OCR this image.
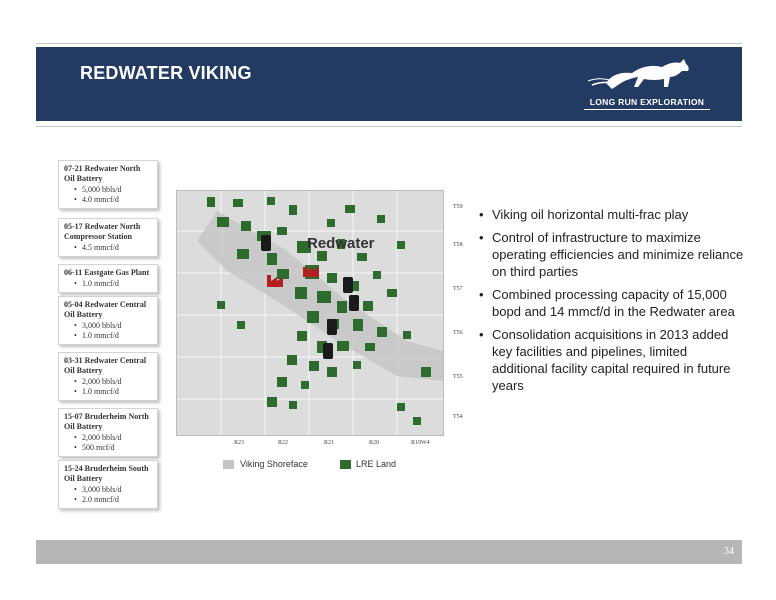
REDWATER VIKING
LONG RUN EXPLORATION
07-21 Redwater North Oil Battery
• 5,000 bbls/d
• 4.0 mmcf/d
05-17 Redwater North Compressor Station
• 4.5 mmcf/d
06-11 Eastgate Gas Plant
• 1.0 mmcf/d
05-04 Redwater Central Oil Battery
• 3,000 bbls/d
• 1.0 mmcf/d
03-31 Redwater Central Oil Battery
• 2,000 bbls/d
• 1.0 mmcf/d
15-07 Bruderheim North Oil Battery
• 2,000 bbls/d
• 500 mcf/d
15-24 Bruderheim South Oil Battery
• 3,000 bbls/d
• 2.0 mmcf/d
Redwater
T59
T58
T57
T56
T55
T54
R23	R22	R21	R20	R19W4
Viking Shoreface	LRE Land
• Viking oil horizontal multi-frac play
• Control of infrastructure to maximize operating efficiencies and minimize reliance on third parties
• Combined processing capacity of 15,000 bopd and 14 mmcf/d in the Redwater area
• Consolidation acquisitions in 2013 added key facilities and pipelines, limited additional facility capital required in future years
34
